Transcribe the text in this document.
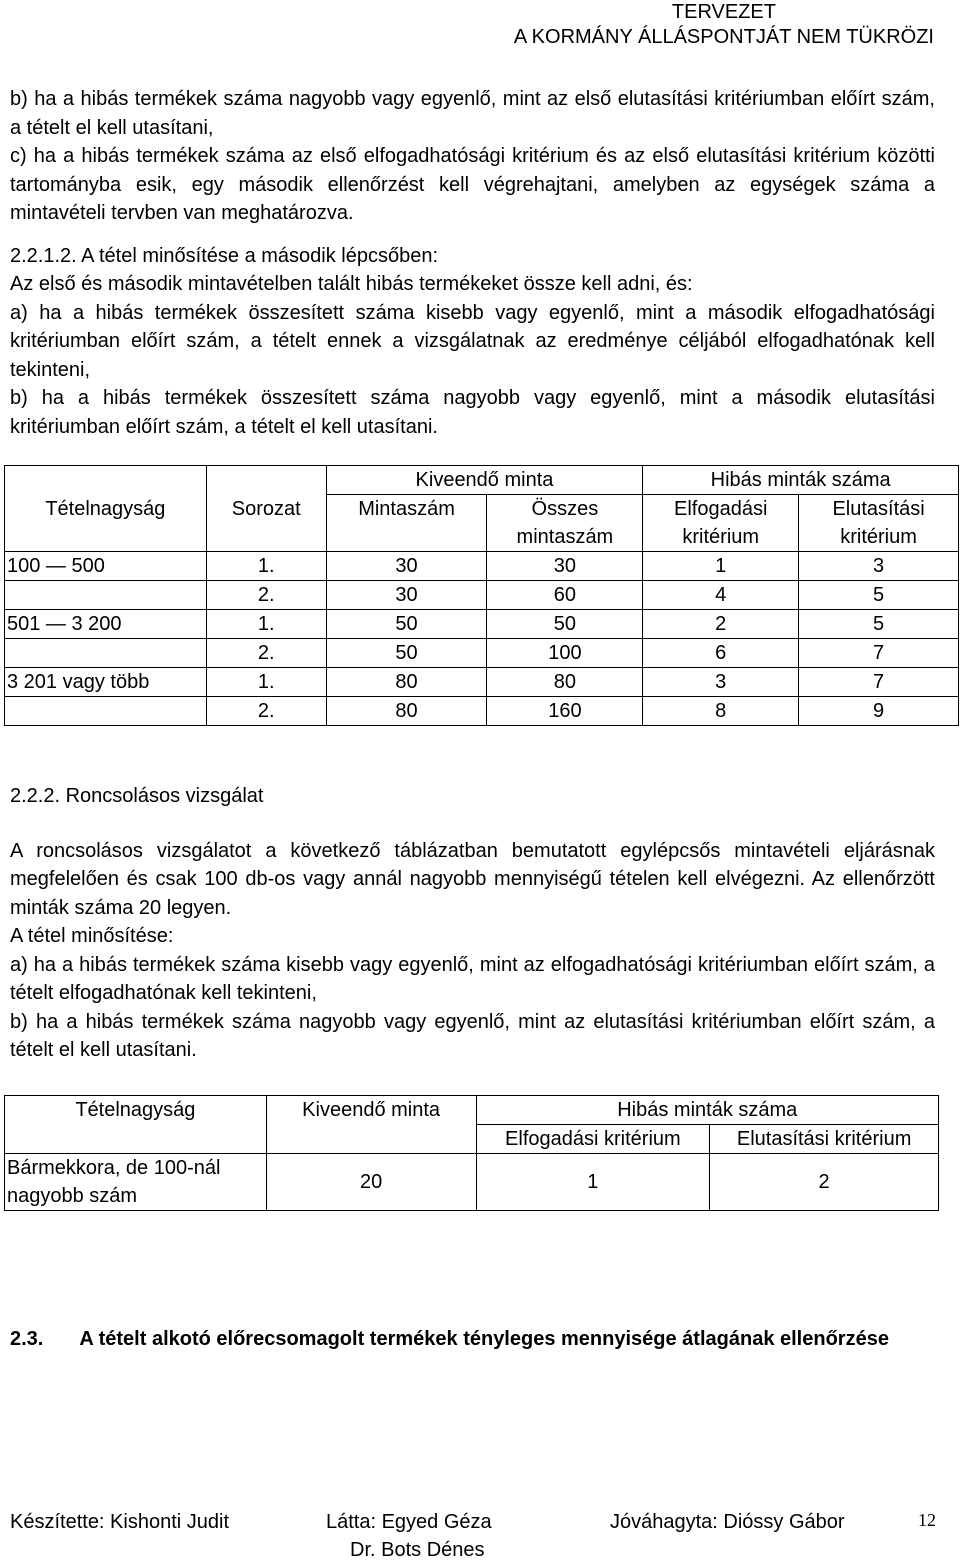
TERVEZET
A KORMÁNY ÁLLÁSPONTJÁT NEM TÜKRÖZI

b) ha a hibás termékek száma nagyobb vagy egyenlő, mint az első elutasítási kritériumban előírt szám, a tételt el kell utasítani,

c) ha a hibás termékek száma az első elfogadhatósági kritérium és az első elutasítási kritérium közötti tartományba esik, egy második ellenőrzést kell végrehajtani, amelyben az egységek száma a mintavételi tervben van meghatározva.

2.2.1.2. A tétel minősítése a második lépcsőben:

Az első és második mintavételben talált hibás termékeket össze kell adni, és:

a) ha a hibás termékek összesített száma kisebb vagy egyenlő, mint a második elfogadhatósági kritériumban előírt szám, a tételt ennek a vizsgálatnak az eredménye céljából elfogadhatónak kell tekinteni,

b) ha a hibás termékek összesített száma nagyobb vagy egyenlő, mint a második elutasítási kritériumban előírt szám, a tételt el kell utasítani.

Tételnagyság	Sorozat	Kiveendő minta		Hibás minták száma	
		Mintaszám	Összes mintaszám	Elfogadási kritérium	Elutasítási kritérium

100 — 500	1.	30	30	1	3
	2.	30	60	4	5
501 — 3 200	1.	50	50	2	5
	2.	50	100	6	7
3 201 vagy több	1.	80	80	3	7
	2.	80	160	8	9

2.2.2. Roncsolásos vizsgálat

A roncsolásos vizsgálatot a következő táblázatban bemutatott egylépcsős mintavételi eljárásnak megfelelően és csak 100 db-os vagy annál nagyobb mennyiségű tételen kell elvégezni. Az ellenőrzött minták száma 20 legyen.

A tétel minősítése:

a) ha a hibás termékek száma kisebb vagy egyenlő, mint az elfogadhatósági kritériumban előírt szám, a tételt elfogadhatónak kell tekinteni,

b) ha a hibás termékek száma nagyobb vagy egyenlő, mint az elutasítási kritériumban előírt szám, a tételt el kell utasítani.

Tételnagyság	Kiveendő minta	Hibás minták száma	
		Elfogadási kritérium	Elutasítási kritérium
Bármekkora, de 100-nál nagyobb szám	20	1	2

2.3. A tételt alkotó előrecsomagolt termékek tényleges mennyisége átlagának ellenőrzése

Készítette: Kishonti Judit	Látta: Egyed Géza	Jóváhagyta: Dióssy Gábor
Dr. Bots Dénes
12
